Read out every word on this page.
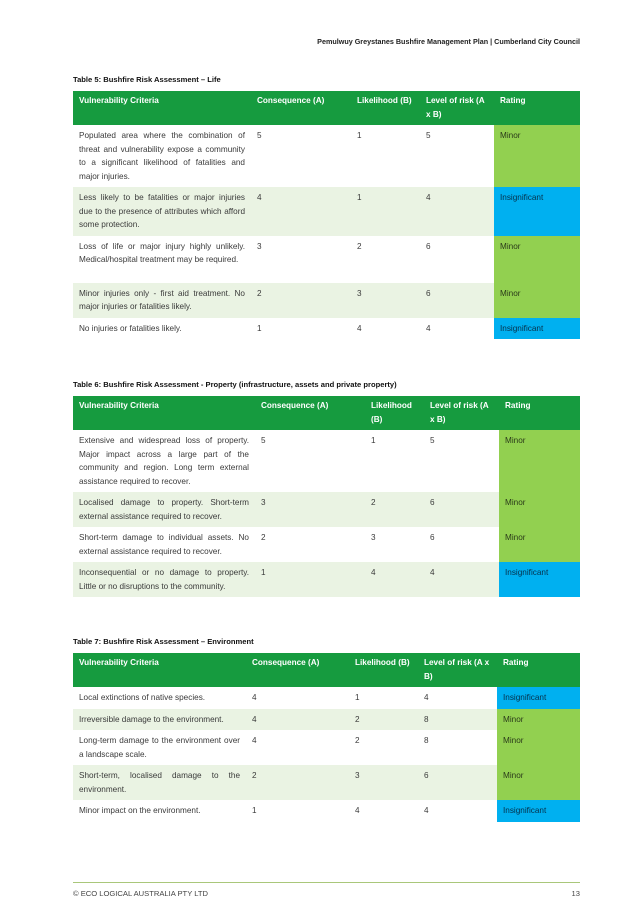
Pemulwuy Greystanes Bushfire Management Plan | Cumberland City Council
Table 5: Bushfire Risk Assessment – Life
Vulnerability Criteria	Consequence (A)	Likelihood (B)	Level of risk (A x B)	Rating
Populated area where the combination of threat and vulnerability expose a community to a significant likelihood of fatalities and major injuries.	5	1	5	Minor
Less likely to be fatalities or major injuries due to the presence of attributes which afford some protection.	4	1	4	Insignificant
Loss of life or major injury highly unlikely. Medical/hospital treatment may be required.	3	2	6	Minor
Minor injuries only - first aid treatment. No major injuries or fatalities likely.	2	3	6	Minor
No injuries or fatalities likely.	1	4	4	Insignificant
Table 6: Bushfire Risk Assessment - Property (infrastructure, assets and private property)
Vulnerability Criteria	Consequence (A)	Likelihood (B)	Level of risk (A x B)	Rating
Extensive and widespread loss of property. Major impact across a large part of the community and region. Long term external assistance required to recover.	5	1	5	Minor
Localised damage to property. Short-term external assistance required to recover.	3	2	6	Minor
Short-term damage to individual assets. No external assistance required to recover.	2	3	6	Minor
Inconsequential or no damage to property. Little or no disruptions to the community.	1	4	4	Insignificant
Table 7: Bushfire Risk Assessment – Environment
Vulnerability Criteria	Consequence (A)	Likelihood (B)	Level of risk (A x B)	Rating
Local extinctions of native species.	4	1	4	Insignificant
Irreversible damage to the environment.	4	2	8	Minor
Long-term damage to the environment over a landscape scale.	4	2	8	Minor
Short-term, localised damage to the environment.	2	3	6	Minor
Minor impact on the environment.	1	4	4	Insignificant
© ECO LOGICAL AUSTRALIA PTY LTD	13
